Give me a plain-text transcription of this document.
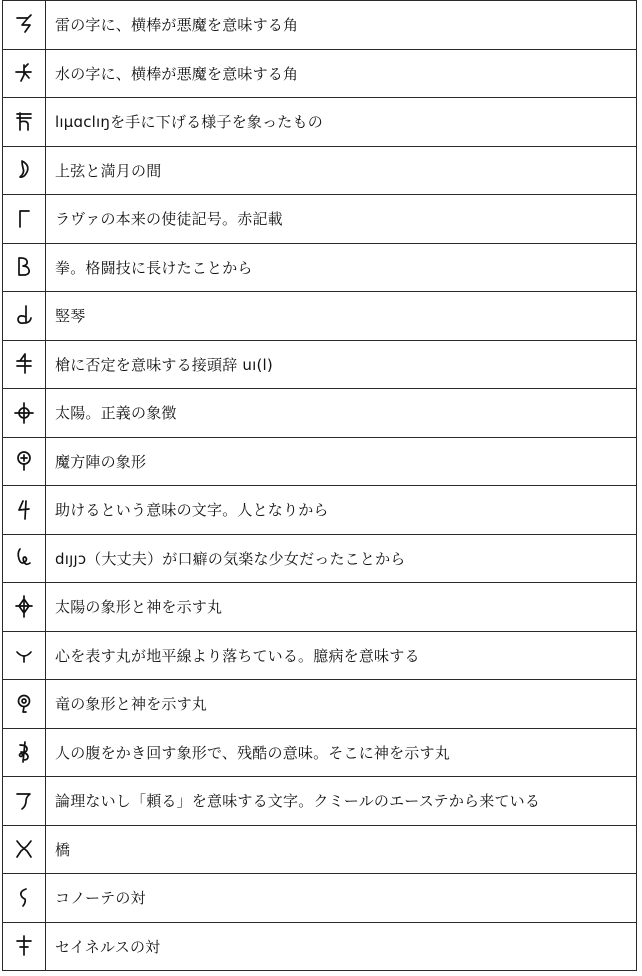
	雷の字に、横棒が悪魔を意味する角

	水の字に、横棒が悪魔を意味する角

	lıµɑclıŋを手に下げる様子を象ったもの

	上弦と満月の間

	ラヴァの本来の使徒記号。赤記載

	拳。格闘技に長けたことから

	竪琴

	槍に否定を意味する接頭辞 uı(l)

	太陽。正義の象徴

	魔方陣の象形

	助けるという意味の文字。人となりから

	dıȷȷɔ（大丈夫）が口癖の気楽な少女だったことから

	太陽の象形と神を示す丸

	心を表す丸が地平線より落ちている。臆病を意味する

	竜の象形と神を示す丸

	人の腹をかき回す象形で、残酷の意味。そこに神を示す丸

	論理ないし「頼る」を意味する文字。クミールのエーステから来ている

	橋

	コノーテの対

	セイネルスの対
